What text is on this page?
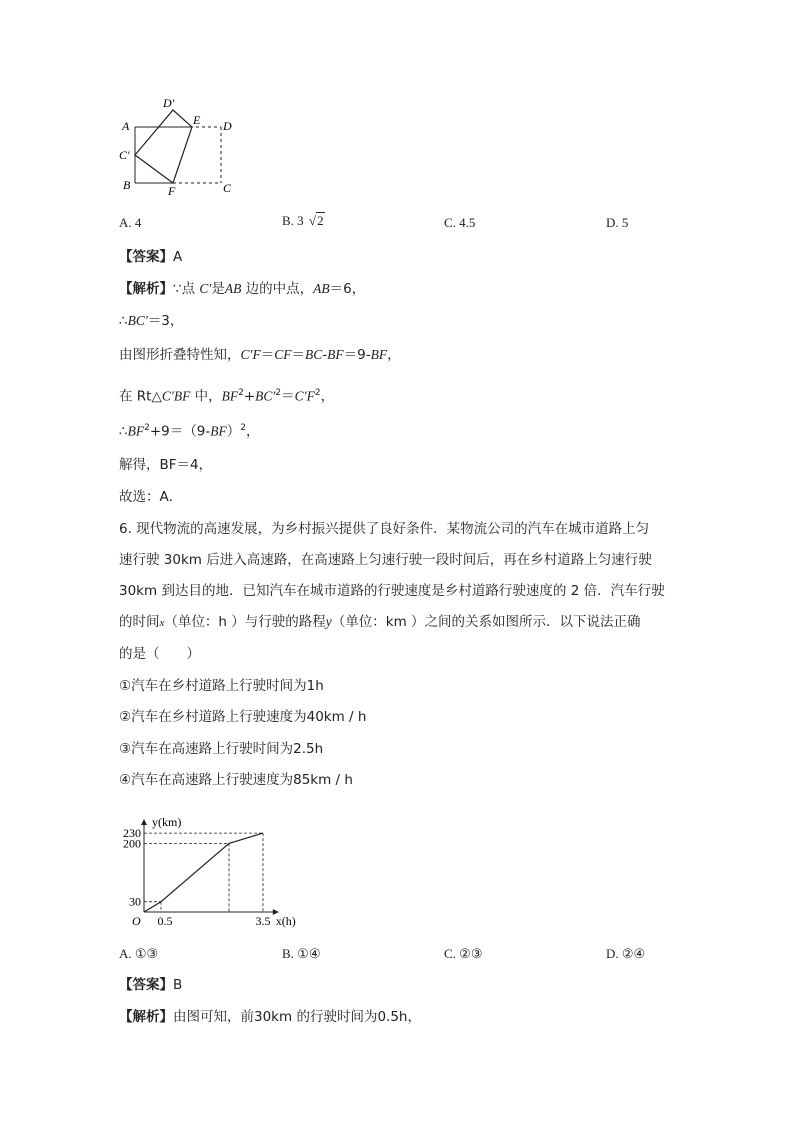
A
D′
E D
C′
B	F	C
A. 4	B. 3 √2	C. 4.5	D. 5
【答案】A
【解析】∵点 C′是AB 边的中点，AB＝6，
∴BC′＝3，
由图形折叠特性知，C′F＝CF＝BC-BF＝9-BF，
在 Rt△C′BF 中，$BF^2+BC'^2=C'F^2$，
$\therefore BF^2+9=(9-BF)^2$，
解得，BF＝4，
故选：A．
6. 现代物流的高速发展，为乡村振兴提供了良好条件．某物流公司的汽车在城市道路上匀
速行驶 30km 后进入高速路，在高速路上匀速行驶一段时间后，再在乡村道路上匀速行驶
30km 到达目的地．已知汽车在城市道路的行驶速度是乡村道路行驶速度的 2 倍．汽车行驶
的时间x（单位：h ）与行驶的路程y（单位：km ）之间的关系如图所示．以下说法正确
的是（　　）
①汽车在乡村道路上行驶时间为1h
②汽车在乡村道路上行驶速度为40km / h
③汽车在高速路上行驶时间为2.5h
④汽车在高速路上行驶速度为85km / h
30
200
230
0.5	3.5
O	x(h)
y(km)
A. ①③	B. ①④	C. ②③	D. ②④
【答案】B
【解析】由图可知，前30km 的行驶时间为0.5h，
